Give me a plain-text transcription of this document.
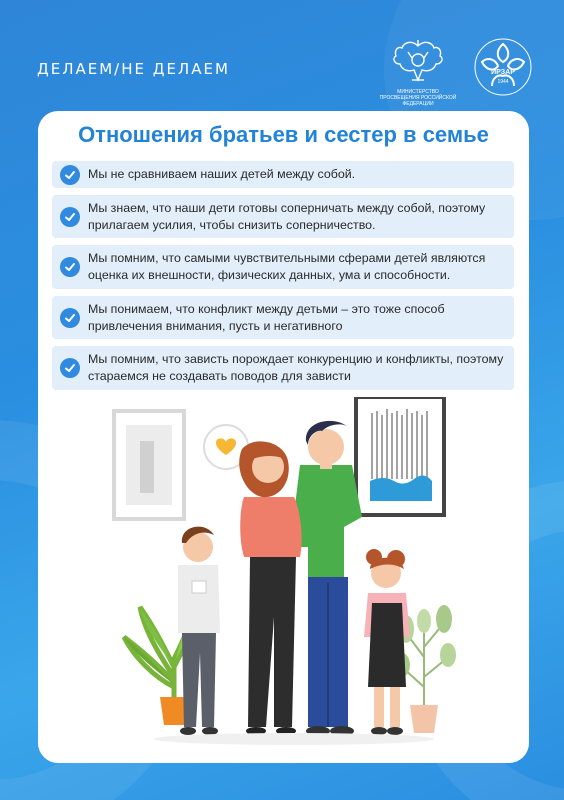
ДЕЛАЕМ/НЕ ДЕЛАЕМ
МИНИСТЕРСТВО ПРОСВЕЩЕНИЯ РОССИЙСКОЙ ФЕДЕРАЦИИ
ИРЗАР
1944
Отношения братьев и сестер в семье
Мы не сравниваем наших детей между собой.
Мы знаем, что наши дети готовы соперничать между собой, поэтому прилагаем усилия, чтобы снизить соперничество.
Мы помним, что самыми чувствительными сферами детей являются оценка их внешности, физических данных, ума и способности.
Мы понимаем, что конфликт между детьми – это тоже способ привлечения внимания, пусть и негативного
Мы помним, что зависть порождает конкуренцию и конфликты, поэтому стараемся не создавать поводов для зависти
